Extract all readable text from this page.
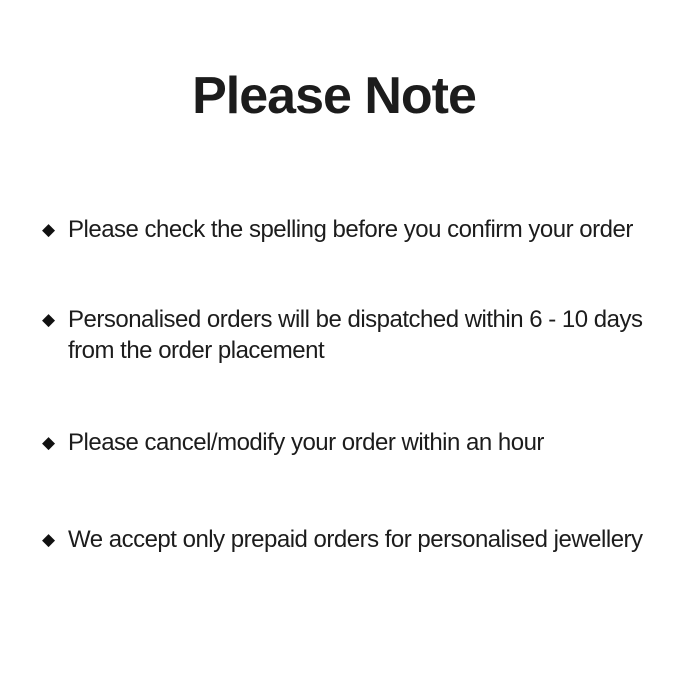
Please Note
◆ Please check the spelling before you confirm your order
◆ Personalised orders will be dispatched within 6 - 10 days
from the order placement
◆ Please cancel/modify your order within an hour
◆ We accept only prepaid orders for personalised jewellery
